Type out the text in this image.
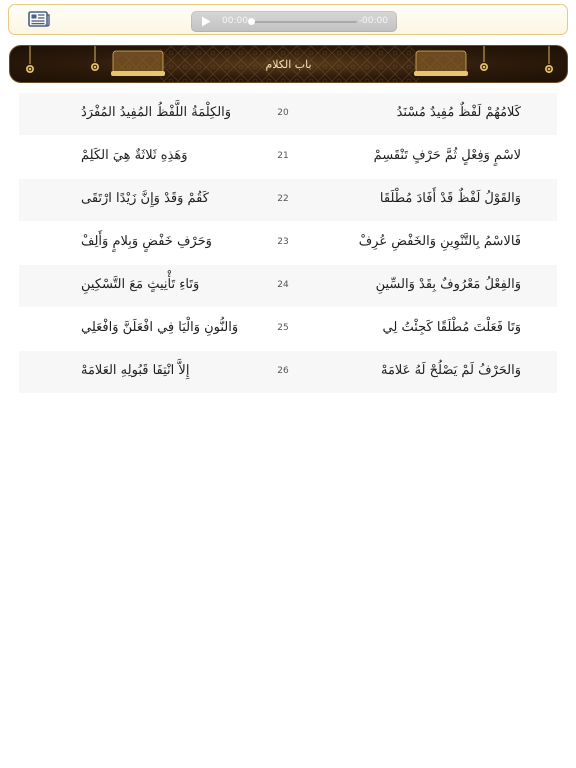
00:00	-00:00
باب الكلام
وَالكِلْمَةُ اللَّفْظُ المُفِيدُ المُفْرَدُ	20	كَلامُهُمْ لَفْظٌ مُفِيدٌ مُسْنَدُ
وَهَذِهِ ثَلاثَةٌ هِيَ الكَلِمْ	21	لاسْمٍ وَفِعْلٍ ثُمَّ حَرْفٍ تَنْقَسِمْ
كَقُمْ وَقَدْ وَإِنَّ زَيْدًا ارْتَقَى	22	وَالقَوْلُ لَفْظٌ قَدْ أَفَادَ مُطْلَقَا
وَحَرْفِ خَفْضٍ وَبِلامٍ وَأَلِفْ	23	فَالاسْمُ بِالتَّنْوِينِ وَالخَفْضِ عُرِفْ
وَتَاءِ تَأْنِيثٍ مَعَ التَّسْكِينِ	24	وَالفِعْلُ مَعْرُوفٌ بِقَدْ وَالسِّينِ
وَالنُّونِ وَالْيَا فِي افْعَلَنَّ وَافْعَلِي	25	وَتَا فَعَلْتَ مُطْلَقًا كَجِئْتُ لِي
إِلاَّ انْتِفَا قَبُولِهِ العَلامَهْ	26	وَالحَرْفُ لَمْ يَصْلُحْ لَهُ عَلامَهْ
